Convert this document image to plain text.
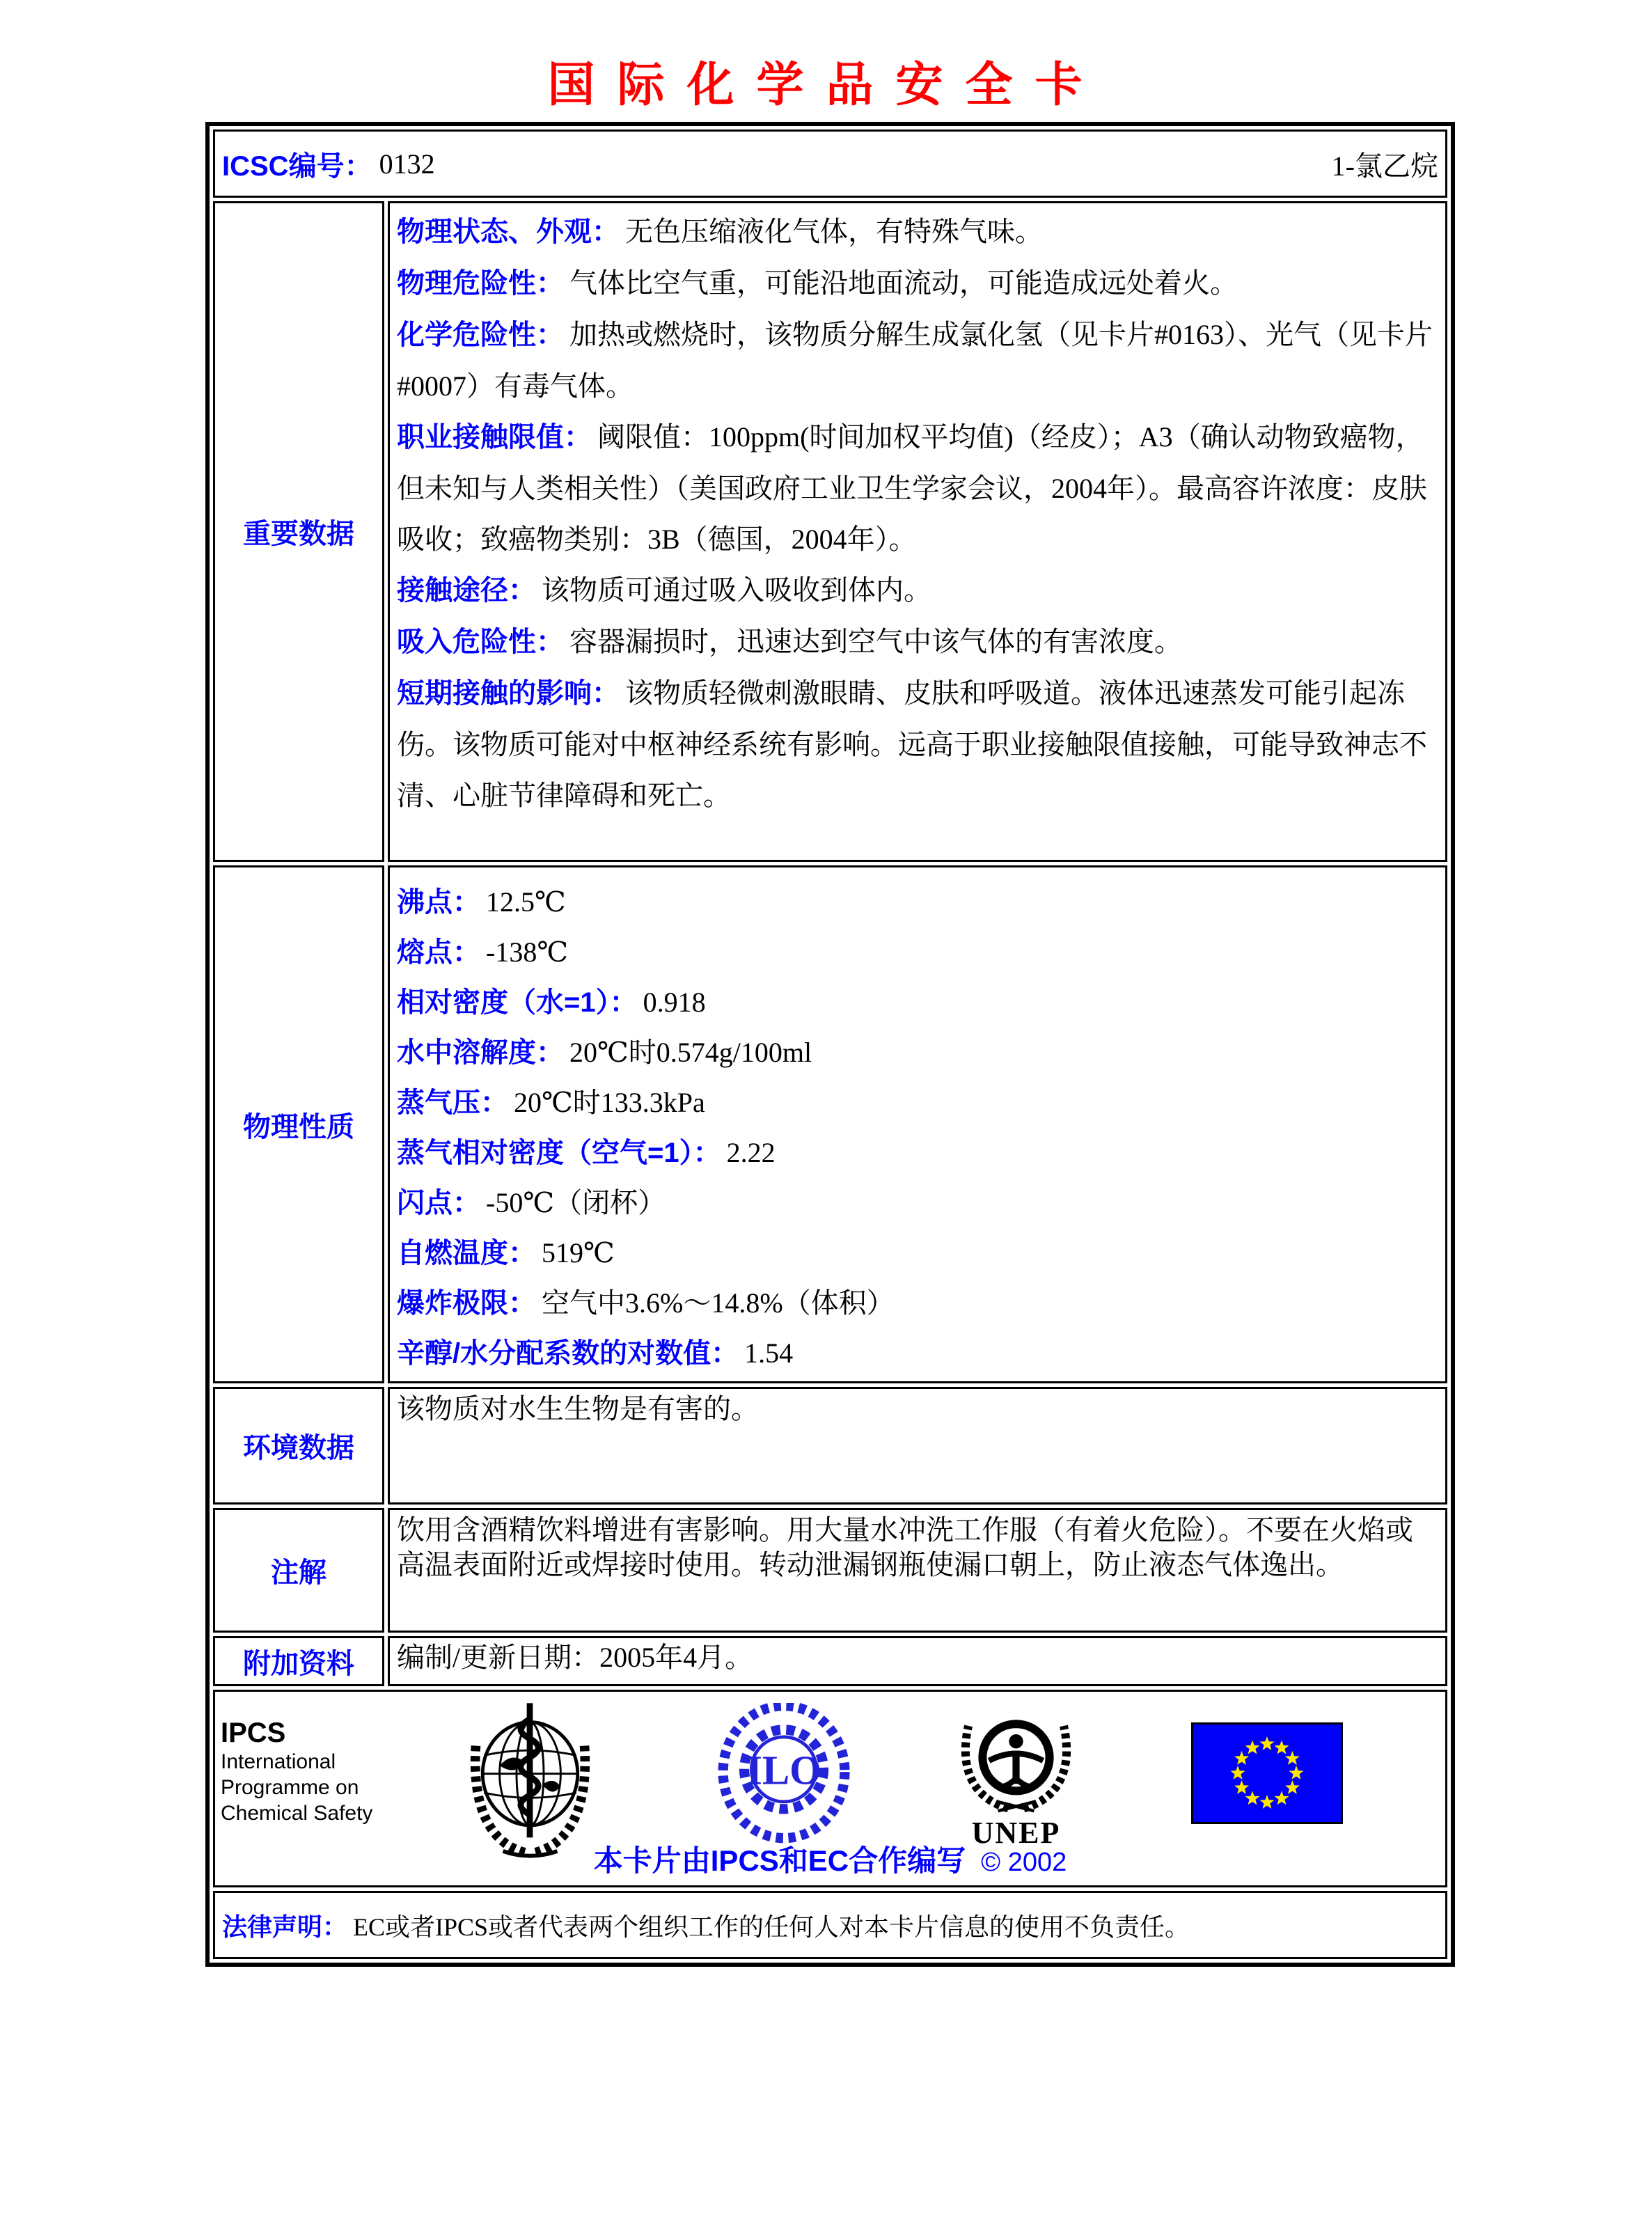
国际化学品安全卡
ICSC编号： 0132 1-氯乙烷	

重要数据	
物理状态、外观： 无色压缩液化气体，有特殊气味。
物理危险性： 气体比空气重，可能沿地面流动，可能造成远处着火。
化学危险性： 加热或燃烧时，该物质分解生成氯化氢（见卡片#0163）、光气（见卡片#0007）有毒气体。
职业接触限值： 阈限值：100ppm(时间加权平均值)（经皮）；A3（确认动物致癌物，但未知与人类相关性）（美国政府工业卫生学家会议，2004年）。最高容许浓度：皮肤吸收；致癌物类别：3B（德国，2004年）。
接触途径： 该物质可通过吸入吸收到体内。
吸入危险性： 容器漏损时，迅速达到空气中该气体的有害浓度。
短期接触的影响： 该物质轻微刺激眼睛、皮肤和呼吸道。液体迅速蒸发可能引起冻伤。该物质可能对中枢神经系统有影响。远高于职业接触限值接触，可能导致神志不清、心脏节律障碍和死亡。

物理性质	
沸点： 12.5℃
熔点： -138℃
相对密度（水=1）： 0.918
水中溶解度： 20℃时0.574g/100ml
蒸气压： 20℃时133.3kPa
蒸气相对密度（空气=1）： 2.22
闪点： -50℃（闭杯）
自燃温度： 519℃
爆炸极限： 空气中3.6%～14.8%（体积）
辛醇/水分配系数的对数值： 1.54

环境数据	该物质对水生生物是有害的。

注解	饮用含酒精饮料增进有害影响。用大量水冲洗工作服（有着火危险）。不要在火焰或高温表面附近或焊接时使用。转动泄漏钢瓶使漏口朝上，防止液态气体逸出。

附加资料	编制/更新日期：2005年4月。

IPCS
International
Programme on
Chemical Safety
ILO
UNEP
本卡片由IPCS和EC合作编写 © 2002

法律声明： EC或者IPCS或者代表两个组织工作的任何人对本卡片信息的使用不负责任。	
